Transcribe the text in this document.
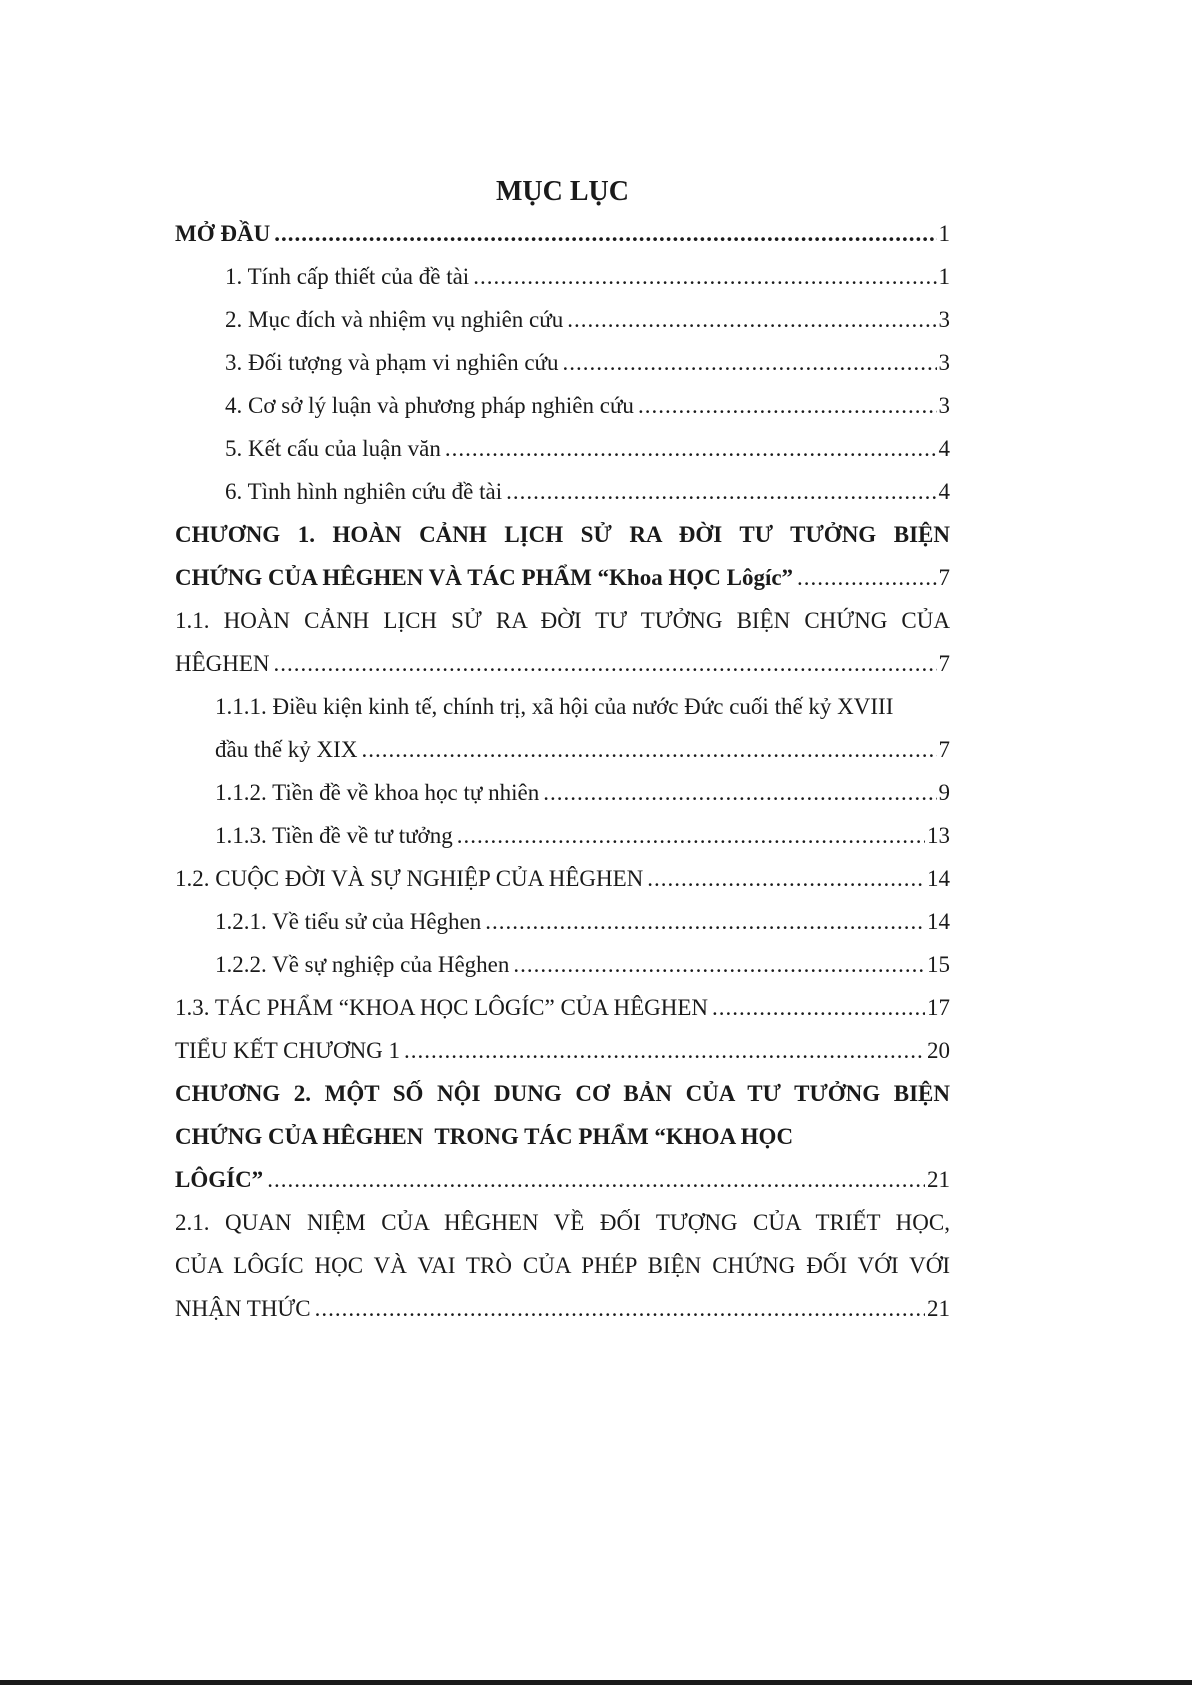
MỤC LỤC
MỞ ĐẦU .....	1
1. Tính cấp thiết của đề tài .....	1
2. Mục đích và nhiệm vụ nghiên cứu .....	3
3. Đối tượng và phạm vi nghiên cứu .....	3
4. Cơ sở lý luận và phương pháp nghiên cứu .....	3
5. Kết cấu của luận văn .....	4
6. Tình hình nghiên cứu đề tài .....	4
CHƯƠNG 1. HOÀN CẢNH LỊCH SỬ RA ĐỜI TƯ TƯỞNG BIỆN
CHỨNG CỦA HÊGHEN VÀ TÁC PHẨM “Khoa HỌC Lôgíc” .....	7
1.1. HOÀN CẢNH LỊCH SỬ RA ĐỜI TƯ TƯỞNG BIỆN CHỨNG CỦA
HÊGHEN .....	7
1.1.1. Điều kiện kinh tế, chính trị, xã hội của nước Đức cuối thế kỷ XVIII
đầu thế kỷ XIX .....	7
1.1.2. Tiền đề về khoa học tự nhiên .....	9
1.1.3. Tiền đề về tư tưởng .....	13
1.2. CUỘC ĐỜI VÀ SỰ NGHIỆP CỦA HÊGHEN .....	14
1.2.1. Về tiểu sử của Hêghen .....	14
1.2.2. Về sự nghiệp của Hêghen .....	15
1.3. TÁC PHẨM “KHOA HỌC LÔGÍC” CỦA HÊGHEN .....	17
TIỂU KẾT CHƯƠNG 1 .....	20
CHƯƠNG 2. MỘT SỐ NỘI DUNG CƠ BẢN CỦA TƯ TƯỞNG BIỆN
CHỨNG CỦA HÊGHEN  TRONG TÁC PHẨM “KHOA HỌC
LÔGÍC” .....	21
2.1. QUAN NIỆM CỦA HÊGHEN VỀ ĐỐI TƯỢNG CỦA TRIẾT HỌC,
CỦA LÔGÍC HỌC VÀ VAI TRÒ CỦA PHÉP BIỆN CHỨNG ĐỐI VỚI VỚI
NHẬN THỨC .....	21
